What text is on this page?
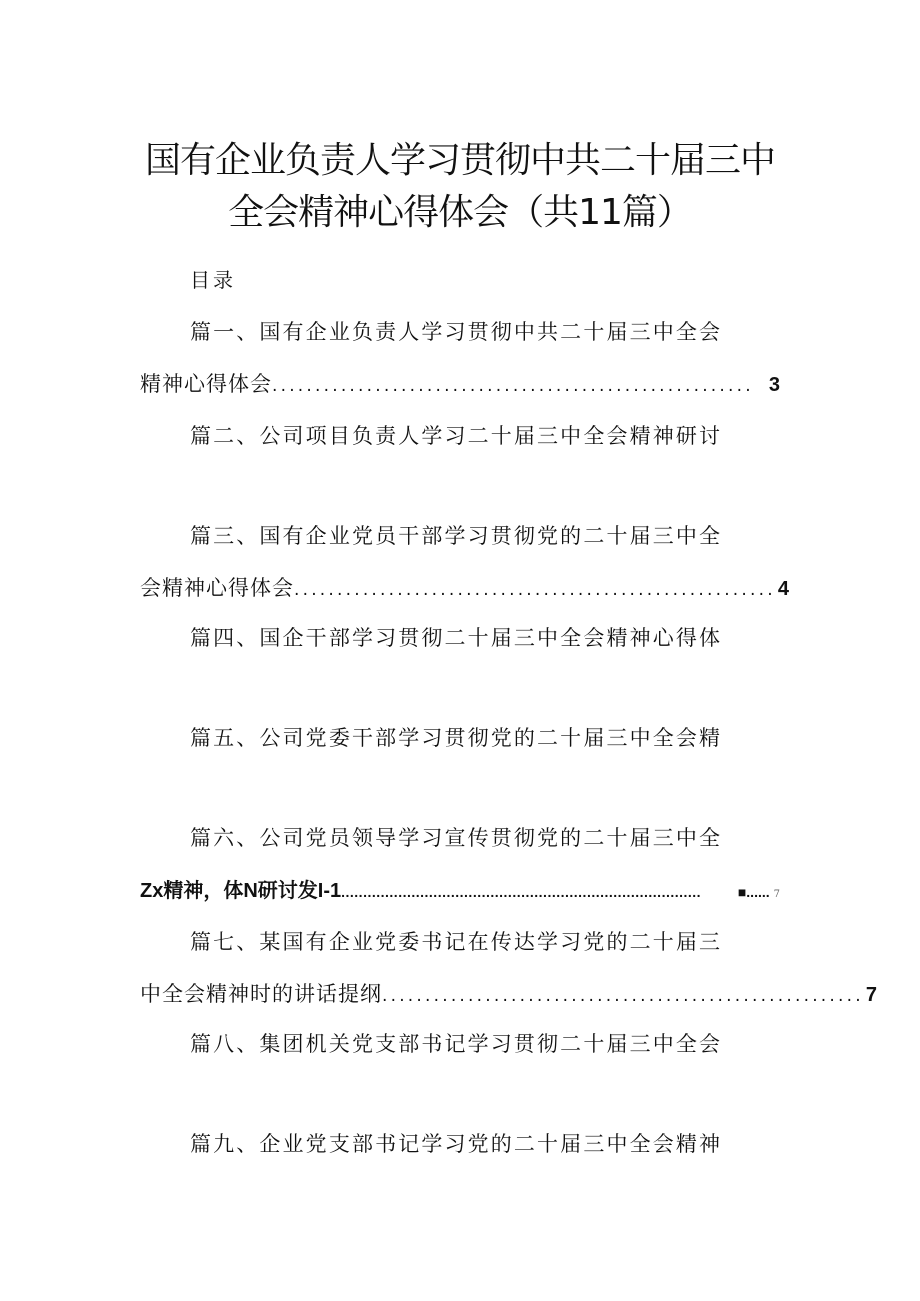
国有企业负责人学习贯彻中共二十届三中
全会精神心得体会（共11篇）
目录
篇一、国有企业负责人学习贯彻中共二十届三中全会
精神心得体会 ........................................................ 3
篇二、公司项目负责人学习二十届三中全会精神研讨
篇三、国有企业党员干部学习贯彻党的二十届三中全
会精神心得体会 ........................................................ 4
篇四、国企干部学习贯彻二十届三中全会精神心得体
篇五、公司党委干部学习贯彻党的二十届三中全会精
篇六、公司党员领导学习宣传贯彻党的二十届三中全
Zx精神，体N研讨发I-1 ..................................................................................	■...... 7
篇七、某国有企业党委书记在传达学习党的二十届三
中全会精神时的讲话提纲 ........................................................ 7
篇八、集团机关党支部书记学习贯彻二十届三中全会
篇九、企业党支部书记学习党的二十届三中全会精神
